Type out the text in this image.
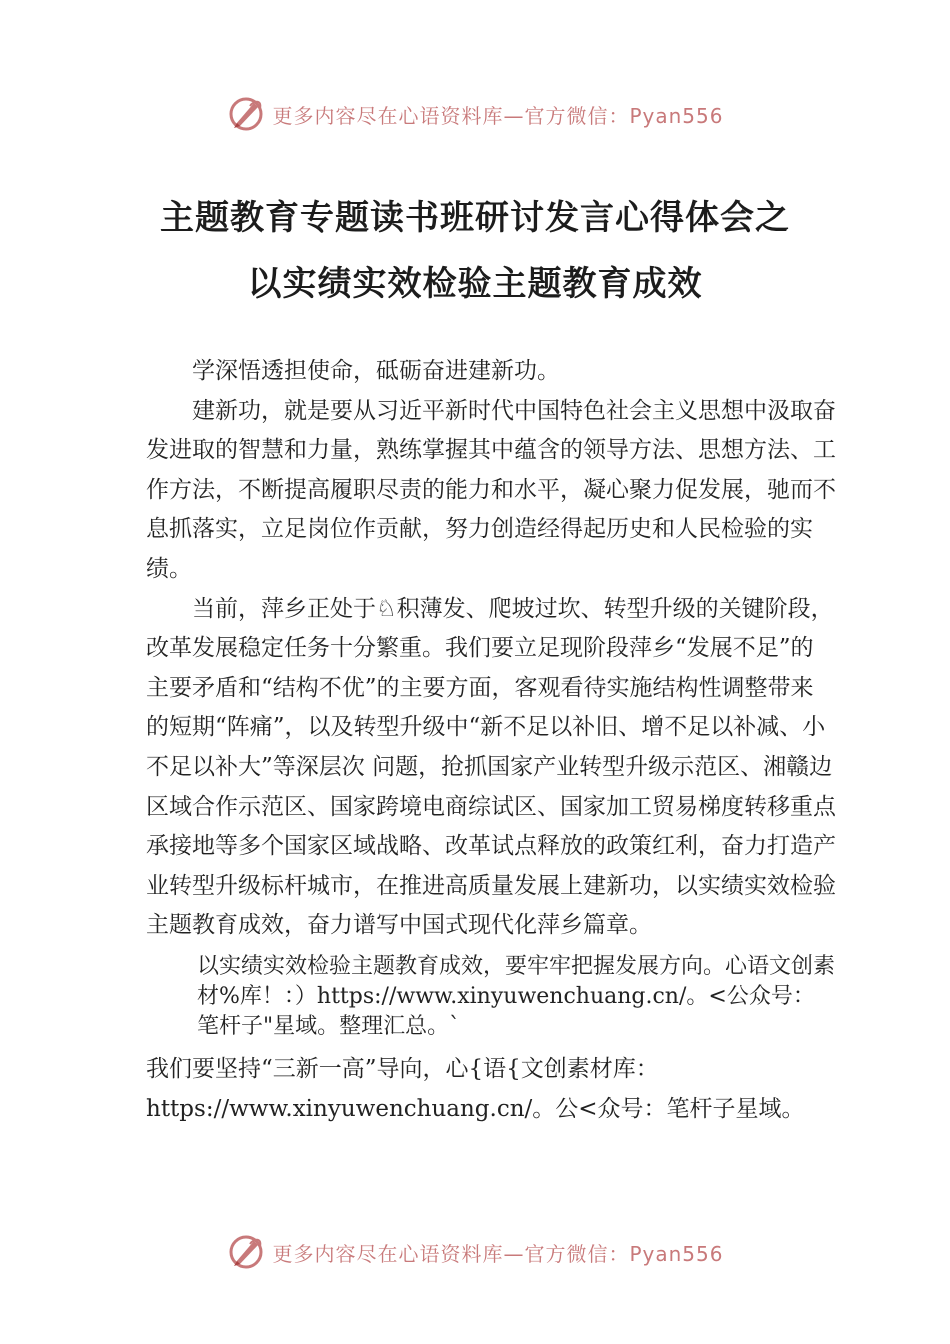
更多内容尽在心语资料库—官方微信：Pyan556
主题教育专题读书班研讨发言心得体会之
以实绩实效检验主题教育成效

学深悟透担使命，砥砺奋进建新功。

建新功，就是要从习近平新时代中国特色社会主义思想中汲取奋发进取的智慧和力量，熟练掌握其中蕴含的领导方法、思想方法、工作方法，不断提高履职尽责的能力和水平，凝心聚力促发展，驰而不息抓落实，立足岗位作贡献，努力创造经得起历史和人民检验的实绩。

当前，萍乡正处于♘积薄发、爬坡过坎、转型升级的关键阶段，改革发展稳定任务十分繁重。我们要立足现阶段萍乡“发展不足”的主要矛盾和“结构不优”的主要方面，客观看待实施结构性调整带来的短期“阵痛”，以及转型升级中“新不足以补旧、增不足以补减、小不足以补大”等深层次 问题，抢抓国家产业转型升级示范区、湘赣边区域合作示范区、国家跨境电商综试区、国家加工贸易梯度转移重点承接地等多个国家区域战略、改革试点释放的政策红利，奋力打造产业转型升级标杆城市，在推进高质量发展上建新功，以实绩实效检验主题教育成效，奋力谱写中国式现代化萍乡篇章。

以实绩实效检验主题教育成效，要牢牢把握发展方向。心语文创素材%库！：）https://www.xinyuwenchuang.cn/。<公众号：笔杆子"星域。整理汇总。`

我们要坚持“三新一高”导向，心{语{文创素材库：https://www.xinyuwenchuang.cn/。公<众号：笔杆子星域。

更多内容尽在心语资料库—官方微信：Pyan556
